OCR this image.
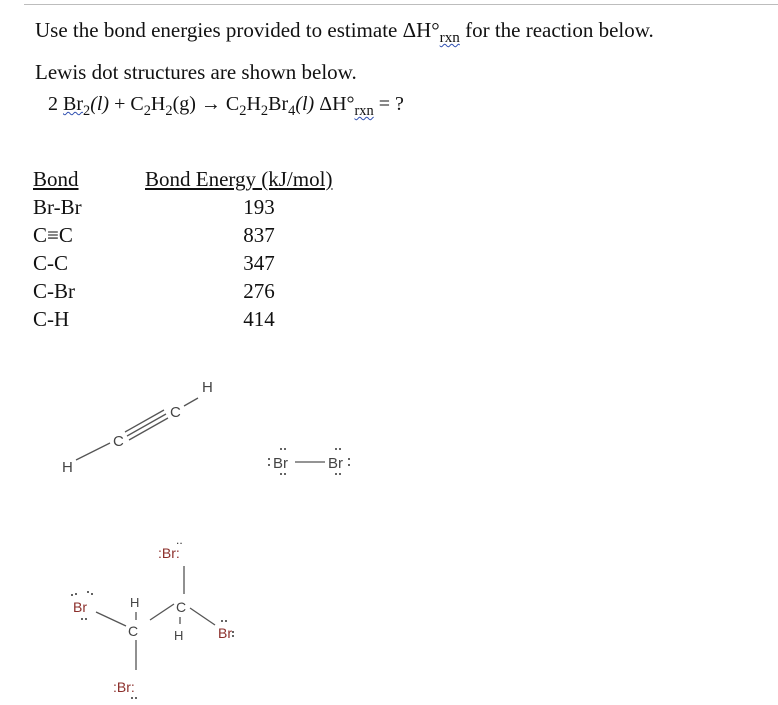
Use the bond energies provided to estimate $\Delta H^\circ_{rxn}$ for the reaction below.
Lewis dot structures are shown below.

2 $Br_2(l) + C_2H_2(g) \to C_2H_2Br_4(l) \Delta H^\circ_{rxn}$ = ?

Bond	Bond Energy (kJ/mol)
Br-Br	193
C≡C	837
C-C	347
C-Br	276
C-H	414
H
C
C
H
Br	Br
:Br:
..
C
H Br
H
C
Br
:Br:
